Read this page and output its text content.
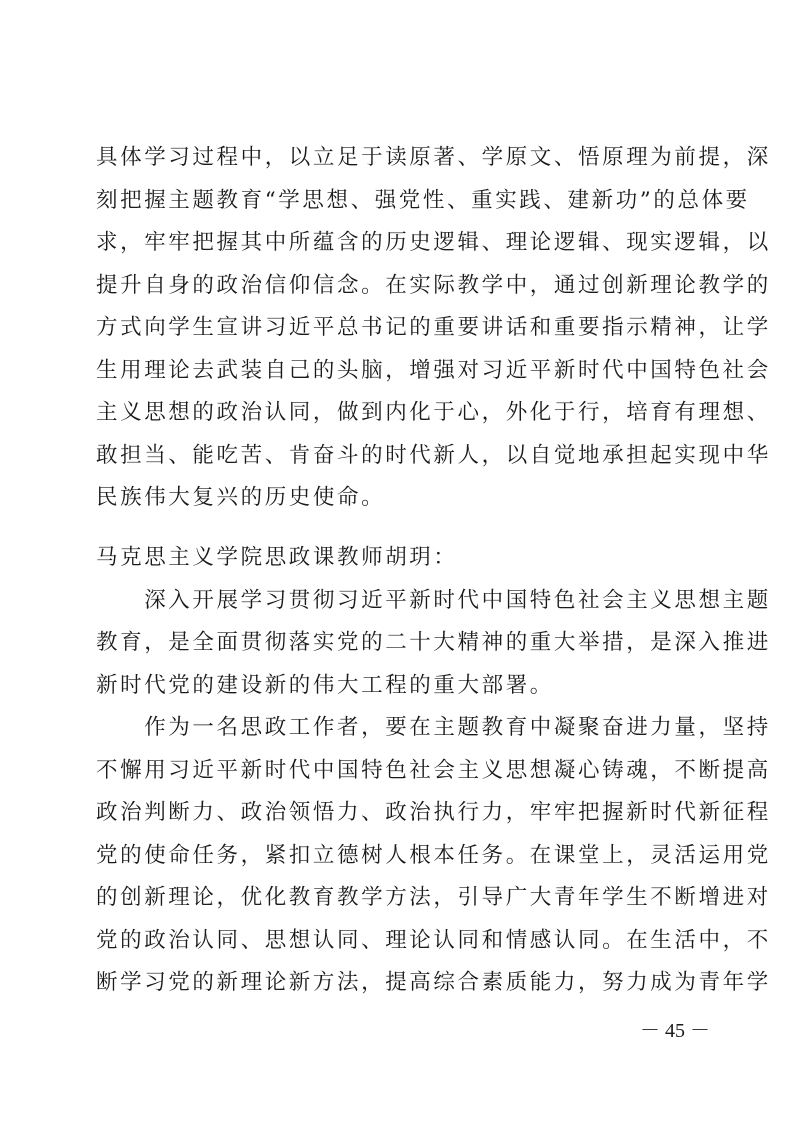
具体学习过程中，以立足于读原著、学原文、悟原理为前提，深
刻把握主题教育“学思想、强党性、重实践、建新功”的总体要
求，牢牢把握其中所蕴含的历史逻辑、理论逻辑、现实逻辑，以
提升自身的政治信仰信念。在实际教学中，通过创新理论教学的
方式向学生宣讲习近平总书记的重要讲话和重要指示精神，让学
生用理论去武装自己的头脑，增强对习近平新时代中国特色社会
主义思想的政治认同，做到内化于心，外化于行，培育有理想、
敢担当、能吃苦、肯奋斗的时代新人，以自觉地承担起实现中华
民族伟大复兴的历史使命。
马克思主义学院思政课教师胡玥：
　　深入开展学习贯彻习近平新时代中国特色社会主义思想主题
教育，是全面贯彻落实党的二十大精神的重大举措，是深入推进
新时代党的建设新的伟大工程的重大部署。
　　作为一名思政工作者，要在主题教育中凝聚奋进力量，坚持
不懈用习近平新时代中国特色社会主义思想凝心铸魂，不断提高
政治判断力、政治领悟力、政治执行力，牢牢把握新时代新征程
党的使命任务，紧扣立德树人根本任务。在课堂上，灵活运用党
的创新理论，优化教育教学方法，引导广大青年学生不断增进对
党的政治认同、思想认同、理论认同和情感认同。在生活中，不
断学习党的新理论新方法，提高综合素质能力，努力成为青年学
－ 45 －
